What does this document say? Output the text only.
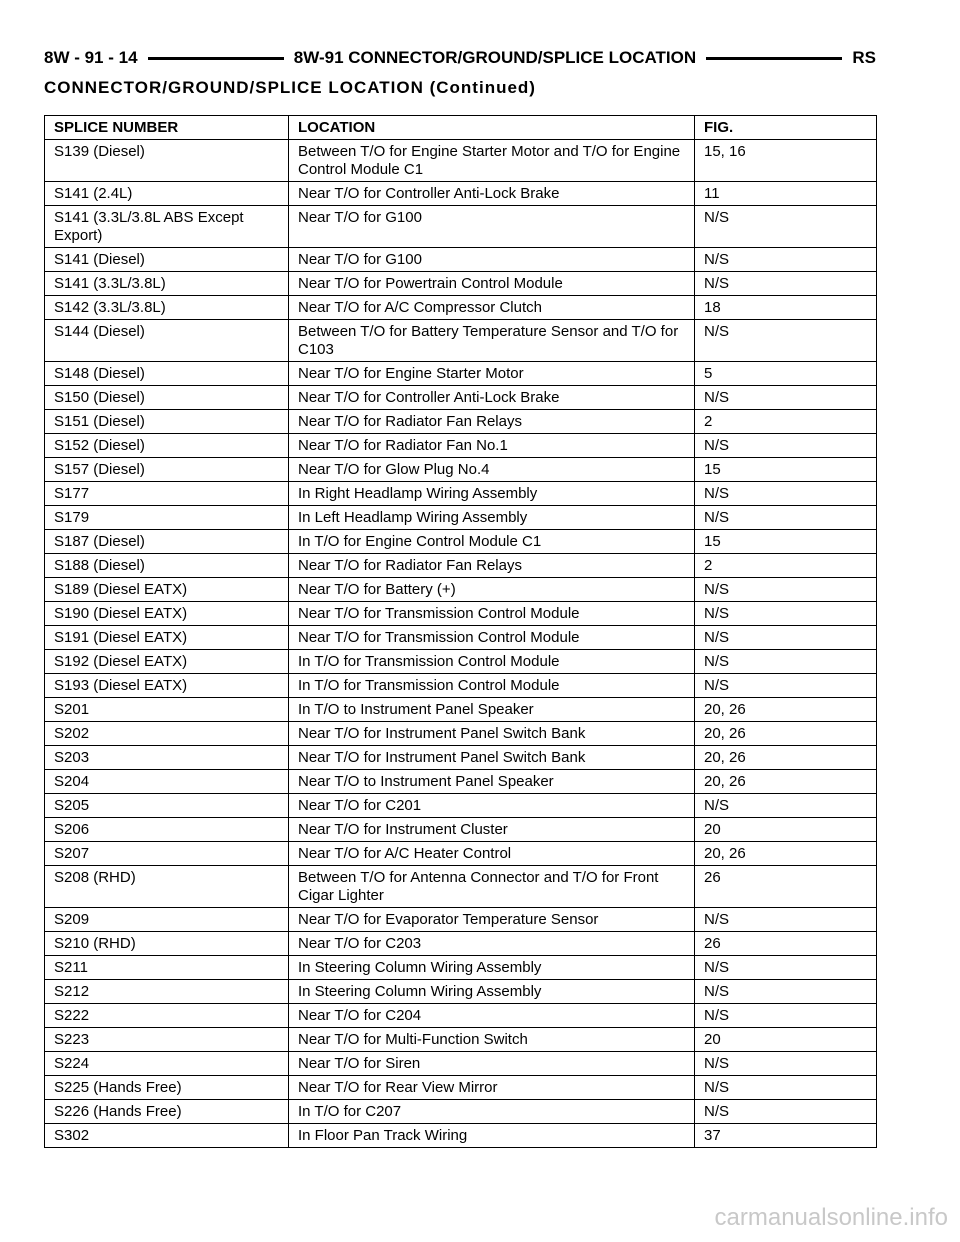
8W - 91 - 14	8W-91 CONNECTOR/GROUND/SPLICE LOCATION	RS
CONNECTOR/GROUND/SPLICE LOCATION (Continued)
SPLICE NUMBER	LOCATION	FIG.
S139 (Diesel)	Between T/O for Engine Starter Motor and T/O for Engine Control Module C1	15, 16
S141 (2.4L)	Near T/O for Controller Anti-Lock Brake	11
S141 (3.3L/3.8L ABS Except Export)	Near T/O for G100	N/S
S141 (Diesel)	Near T/O for G100	N/S
S141 (3.3L/3.8L)	Near T/O for Powertrain Control Module	N/S
S142 (3.3L/3.8L)	Near T/O for A/C Compressor Clutch	18
S144 (Diesel)	Between T/O for Battery Temperature Sensor and T/O for C103	N/S
S148 (Diesel)	Near T/O for Engine Starter Motor	5
S150 (Diesel)	Near T/O for Controller Anti-Lock Brake	N/S
S151 (Diesel)	Near T/O for Radiator Fan Relays	2
S152 (Diesel)	Near T/O for Radiator Fan No.1	N/S
S157 (Diesel)	Near T/O for Glow Plug No.4	15
S177	In Right Headlamp Wiring Assembly	N/S
S179	In Left Headlamp Wiring Assembly	N/S
S187 (Diesel)	In T/O for Engine Control Module C1	15
S188 (Diesel)	Near T/O for Radiator Fan Relays	2
S189 (Diesel EATX)	Near T/O for Battery (+)	N/S
S190 (Diesel EATX)	Near T/O for Transmission Control Module	N/S
S191 (Diesel EATX)	Near T/O for Transmission Control Module	N/S
S192 (Diesel EATX)	In T/O for Transmission Control Module	N/S
S193 (Diesel EATX)	In T/O for Transmission Control Module	N/S
S201	In T/O to Instrument Panel Speaker	20, 26
S202	Near T/O for Instrument Panel Switch Bank	20, 26
S203	Near T/O for Instrument Panel Switch Bank	20, 26
S204	Near T/O to Instrument Panel Speaker	20, 26
S205	Near T/O for C201	N/S
S206	Near T/O for Instrument Cluster	20
S207	Near T/O for A/C Heater Control	20, 26
S208 (RHD)	Between T/O for Antenna Connector and T/O for Front Cigar Lighter	26
S209	Near T/O for Evaporator Temperature Sensor	N/S
S210 (RHD)	Near T/O for C203	26
S211	In Steering Column Wiring Assembly	N/S
S212	In Steering Column Wiring Assembly	N/S
S222	Near T/O for C204	N/S
S223	Near T/O for Multi-Function Switch	20
S224	Near T/O for Siren	N/S
S225 (Hands Free)	Near T/O for Rear View Mirror	N/S
S226 (Hands Free)	In T/O for C207	N/S
S302	In Floor Pan Track Wiring	37
carmanualsonline.info
